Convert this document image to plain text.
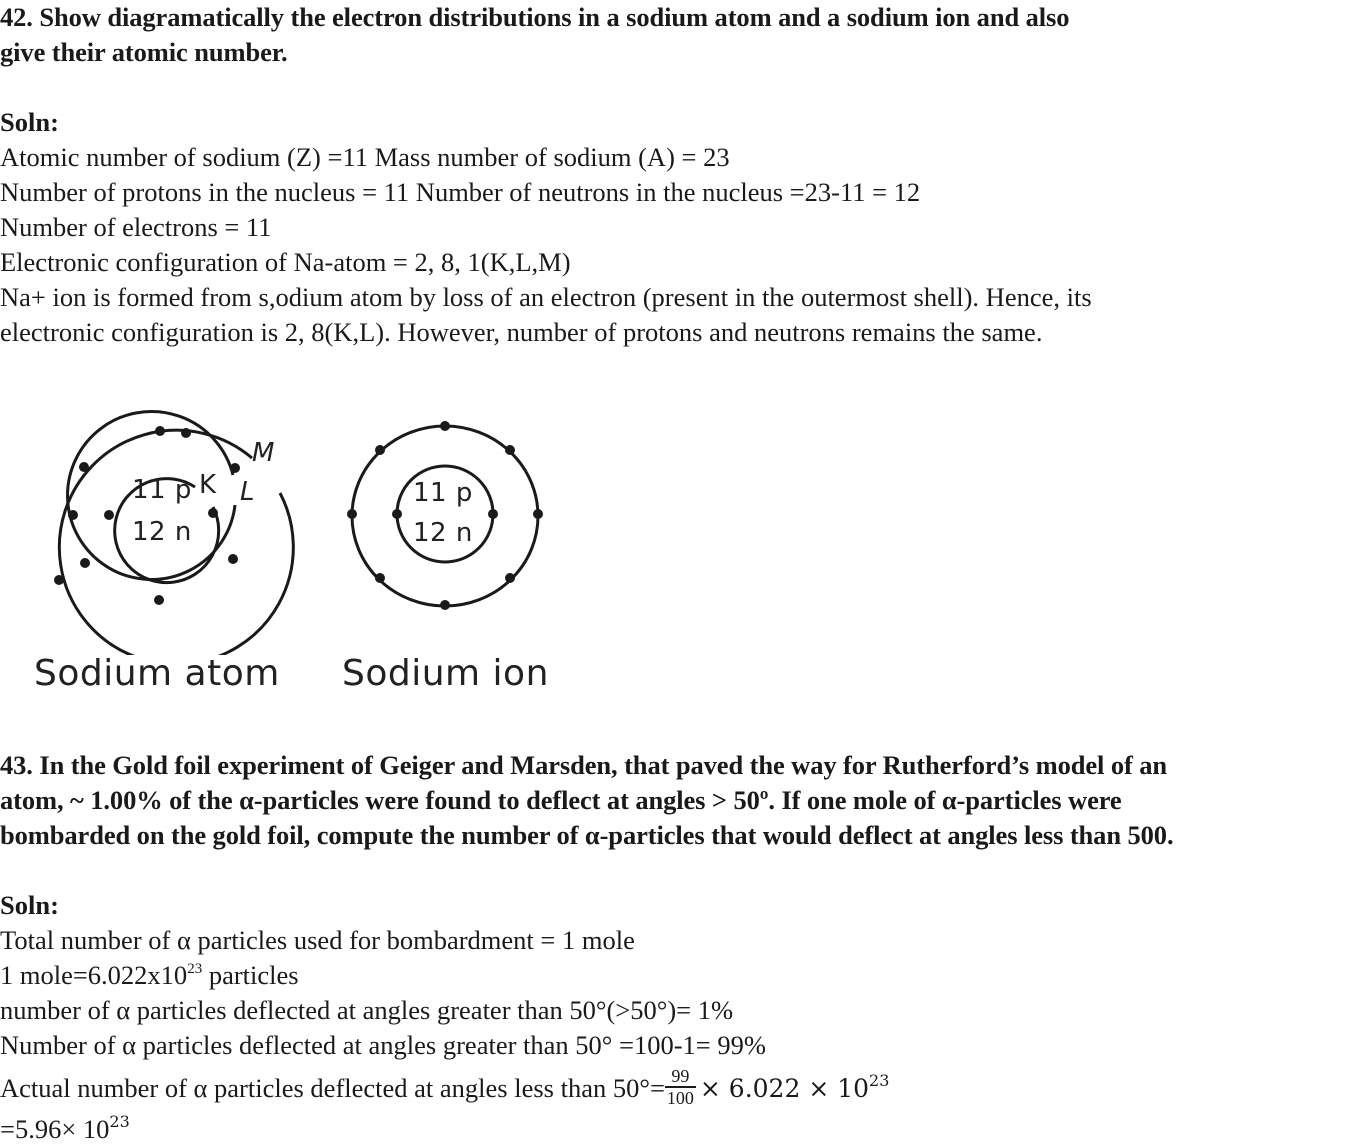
42. Show diagramatically the electron distributions in a sodium atom and a sodium ion and also
give their atomic number.
Soln:
Atomic number of sodium (Z) =11 Mass number of sodium (A) = 23
Number of protons in the nucleus = 11 Number of neutrons in the nucleus =23-11 = 12
Number of electrons = 11
Electronic configuration of Na-atom = 2, 8, 1(K,L,M)
Na+ ion is formed from s,odium atom by loss of an electron (present in the outermost shell). Hence, its
electronic configuration is 2, 8(K,L). However, number of protons and neutrons remains the same.
11 p
12 n
K L
M
Sodium atom
11 p
12 n
Sodium ion
43. In the Gold foil experiment of Geiger and Marsden, that paved the way for Rutherford’s model of an
atom, ~ 1.00% of the α-particles were found to deflect at angles > 50º. If one mole of α-particles were
bombarded on the gold foil, compute the number of α-particles that would deflect at angles less than 500.
Soln:
Total number of α particles used for bombardment = 1 mole
1 $mole=6.022x10^{23}$ particles
number of α particles deflected at angles greater than 50°(>50°)= 1%
Number of α particles deflected at angles greater than 50° =100-1= 99%
Actual number of α particles deflected at angles less than $50^\circ= \frac{99}{100} \times 6.022 \times 10^{23}$
$=5.96\times 10^{23}$
